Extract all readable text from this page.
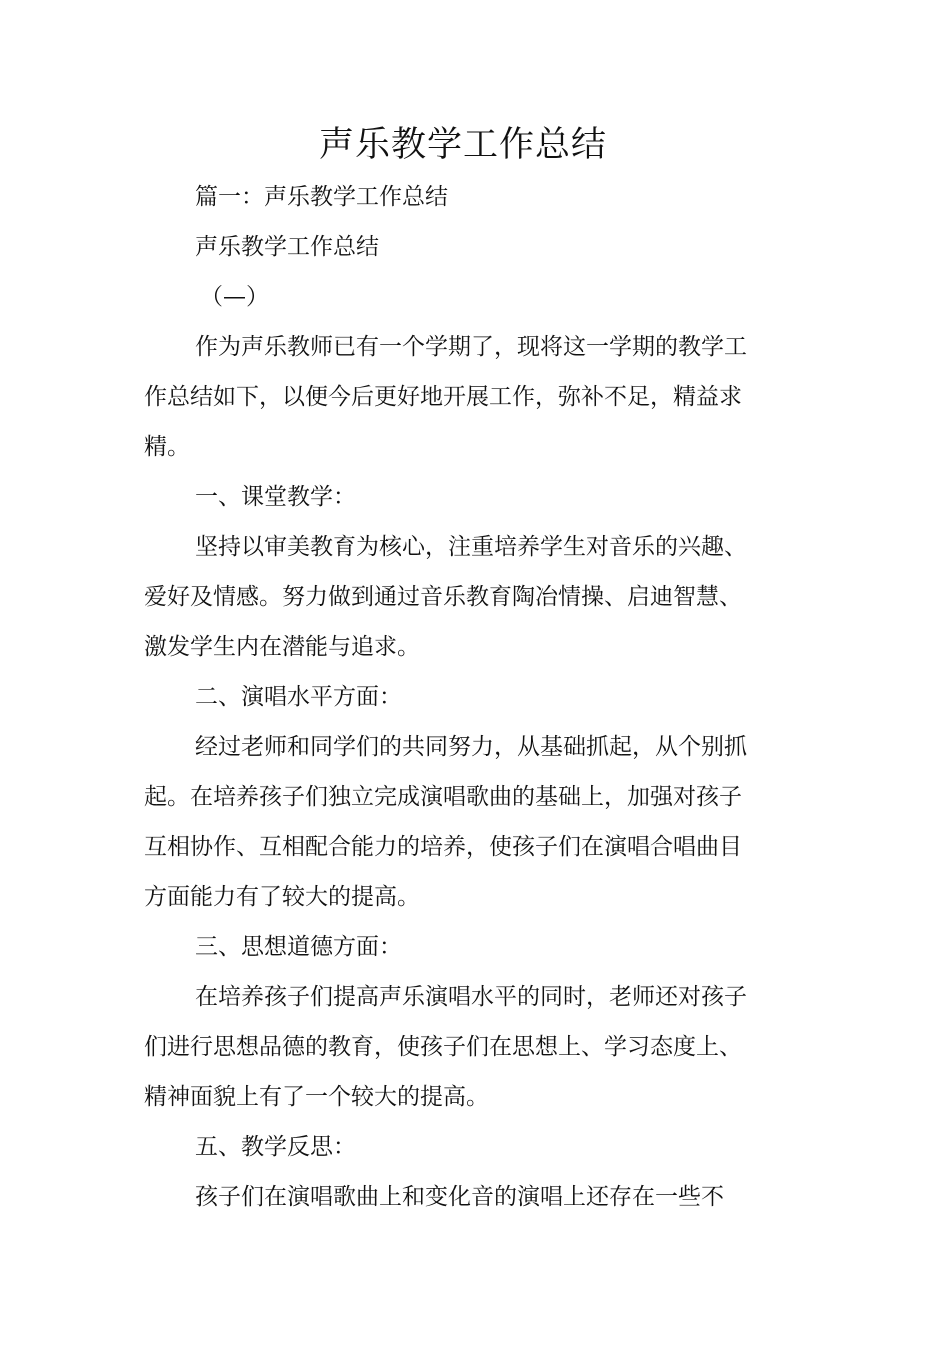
声乐教学工作总结

篇一：声乐教学工作总结

声乐教学工作总结

（—）

作为声乐教师已有一个学期了，现将这一学期的教学工作总结如下，以便今后更好地开展工作，弥补不足，精益求精。

一、课堂教学：

坚持以审美教育为核心，注重培养学生对音乐的兴趣、爱好及情感。努力做到通过音乐教育陶冶情操、启迪智慧、激发学生内在潜能与追求。

二、演唱水平方面：

经过老师和同学们的共同努力，从基础抓起，从个别抓起。在培养孩子们独立完成演唱歌曲的基础上，加强对孩子互相协作、互相配合能力的培养，使孩子们在演唱合唱曲目方面能力有了较大的提高。

三、思想道德方面：

在培养孩子们提高声乐演唱水平的同时，老师还对孩子们进行思想品德的教育，使孩子们在思想上、学习态度上、精神面貌上有了一个较大的提高。

五、教学反思：

孩子们在演唱歌曲上和变化音的演唱上还存在一些不
